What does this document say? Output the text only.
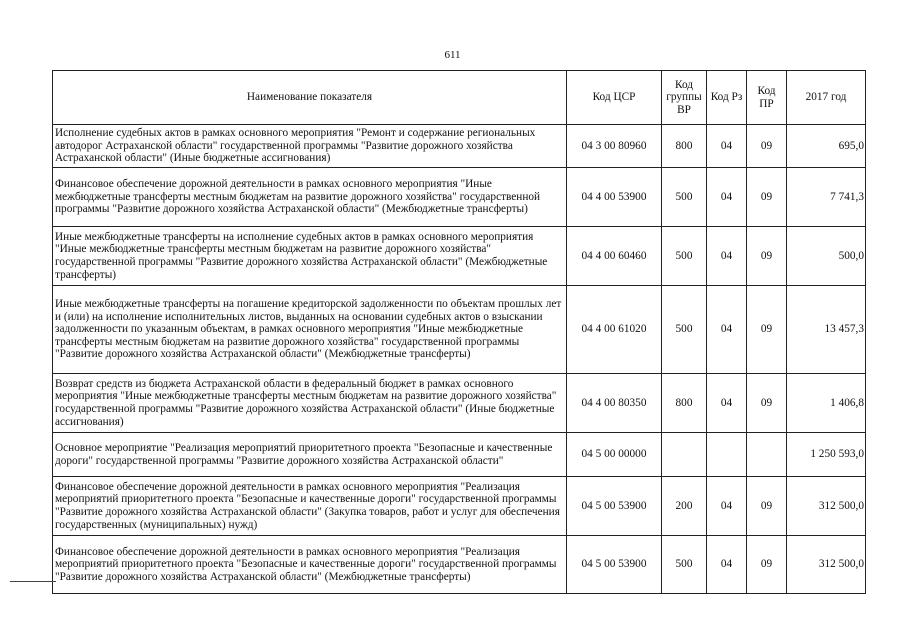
611
Наименование показателя	Код ЦСР	Код группы ВР	Код Рз	Код ПР	2017 год
Исполнение судебных актов в рамках основного мероприятия "Ремонт и содержание региональных автодорог Астраханской области" государственной программы "Развитие дорожного хозяйства Астраханской области" (Иные бюджетные ассигнования)	04 3 00 80960	800	04	09	695,0
Финансовое обеспечение дорожной деятельности в рамках основного мероприятия "Иные межбюджетные трансферты местным бюджетам на развитие дорожного хозяйства" государственной программы "Развитие дорожного хозяйства Астраханской области" (Межбюджетные трансферты)	04 4 00 53900	500	04	09	7 741,3
Иные межбюджетные трансферты на исполнение судебных актов в рамках основного мероприятия "Иные межбюджетные трансферты местным бюджетам на развитие дорожного хозяйства" государственной программы "Развитие дорожного хозяйства Астраханской области" (Межбюджетные трансферты)	04 4 00 60460	500	04	09	500,0
Иные межбюджетные трансферты на погашение кредиторской задолженности по объектам прошлых лет и (или) на исполнение исполнительных листов, выданных на основании судебных актов о взыскании задолженности по указанным объектам, в рамках основного мероприятия "Иные межбюджетные трансферты местным бюджетам на развитие дорожного хозяйства" государственной программы "Развитие дорожного хозяйства Астраханской области" (Межбюджетные трансферты)	04 4 00 61020	500	04	09	13 457,3
Возврат средств из бюджета Астраханской области в федеральный бюджет в рамках основного мероприятия "Иные межбюджетные трансферты местным бюджетам на развитие дорожного хозяйства" государственной программы "Развитие дорожного хозяйства Астраханской области" (Иные бюджетные ассигнования)	04 4 00 80350	800	04	09	1 406,8
Основное мероприятие "Реализация мероприятий приоритетного проекта "Безопасные и качественные дороги" государственной программы "Развитие дорожного хозяйства Астраханской области"	04 5 00 00000				1 250 593,0
Финансовое обеспечение дорожной деятельности в рамках основного мероприятия "Реализация мероприятий приоритетного проекта "Безопасные и качественные дороги" государственной программы "Развитие дорожного хозяйства Астраханской области" (Закупка товаров, работ и услуг для обеспечения государственных (муниципальных) нужд)	04 5 00 53900	200	04	09	312 500,0
Финансовое обеспечение дорожной деятельности в рамках основного мероприятия "Реализация мероприятий приоритетного проекта "Безопасные и качественные дороги" государственной программы "Развитие дорожного хозяйства Астраханской области" (Межбюджетные трансферты)	04 5 00 53900	500	04	09	312 500,0
